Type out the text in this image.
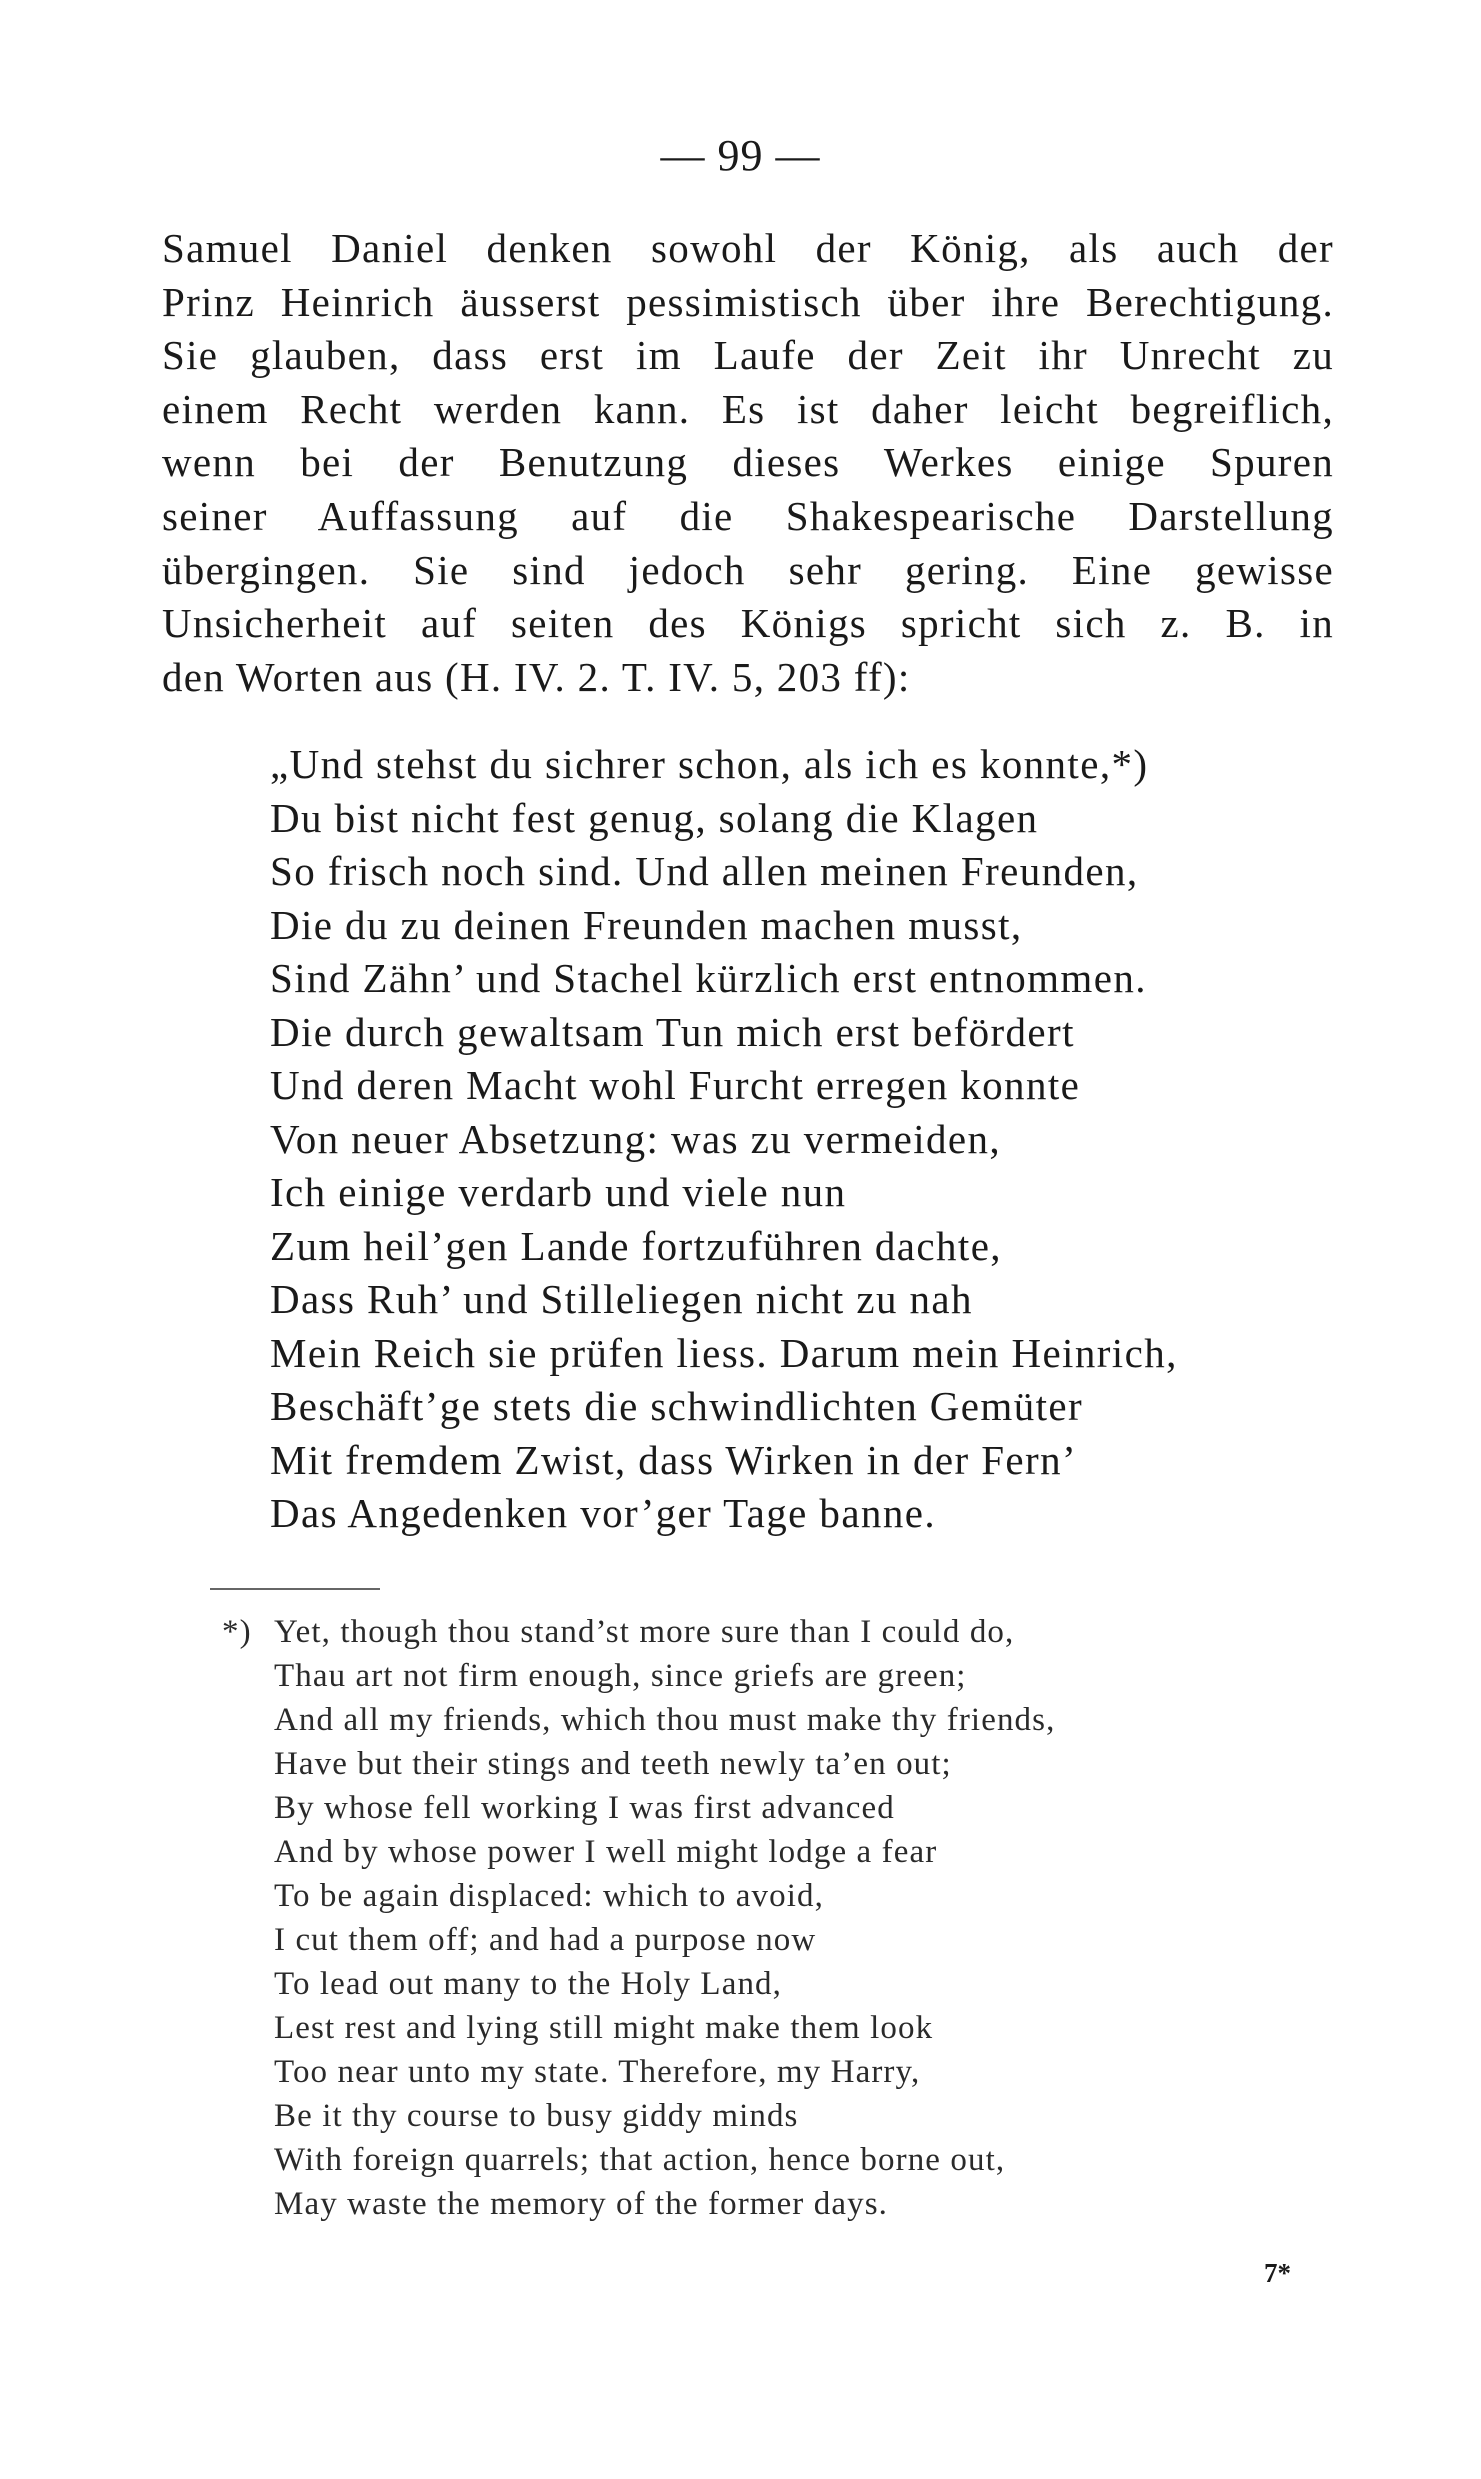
— 99 —
Samuel Daniel denken sowohl der König, als auch der
Prinz Heinrich äusserst pessimistisch über ihre Berechtigung.
Sie glauben, dass erst im Laufe der Zeit ihr Unrecht zu
einem Recht werden kann. Es ist daher leicht begreiflich,
wenn bei der Benutzung dieses Werkes einige Spuren
seiner Auffassung auf die Shakespearische Darstellung
übergingen. Sie sind jedoch sehr gering. Eine gewisse
Unsicherheit auf seiten des Königs spricht sich z. B. in
den Worten aus (H. IV. 2. T. IV. 5, 203 ff):
„Und stehst du sichrer schon, als ich es konnte,*)
Du bist nicht fest genug, solang die Klagen
So frisch noch sind. Und allen meinen Freunden,
Die du zu deinen Freunden machen musst,
Sind Zähn’ und Stachel kürzlich erst entnommen.
Die durch gewaltsam Tun mich erst befördert
Und deren Macht wohl Furcht erregen konnte
Von neuer Absetzung: was zu vermeiden,
Ich einige verdarb und viele nun
Zum heil’gen Lande fortzuführen dachte,
Dass Ruh’ und Stilleliegen nicht zu nah
Mein Reich sie prüfen liess. Darum mein Heinrich,
Beschäft’ge stets die schwindlichten Gemüter
Mit fremdem Zwist, dass Wirken in der Fern’
Das Angedenken vor’ger Tage banne.
*) Yet, though thou stand’st more sure than I could do,
Thau art not firm enough, since griefs are green;
And all my friends, which thou must make thy friends,
Have but their stings and teeth newly ta’en out;
By whose fell working I was first advanced
And by whose power I well might lodge a fear
To be again displaced: which to avoid,
I cut them off; and had a purpose now
To lead out many to the Holy Land,
Lest rest and lying still might make them look
Too near unto my state. Therefore, my Harry,
Be it thy course to busy giddy minds
With foreign quarrels; that action, hence borne out,
May waste the memory of the former days.
7*
